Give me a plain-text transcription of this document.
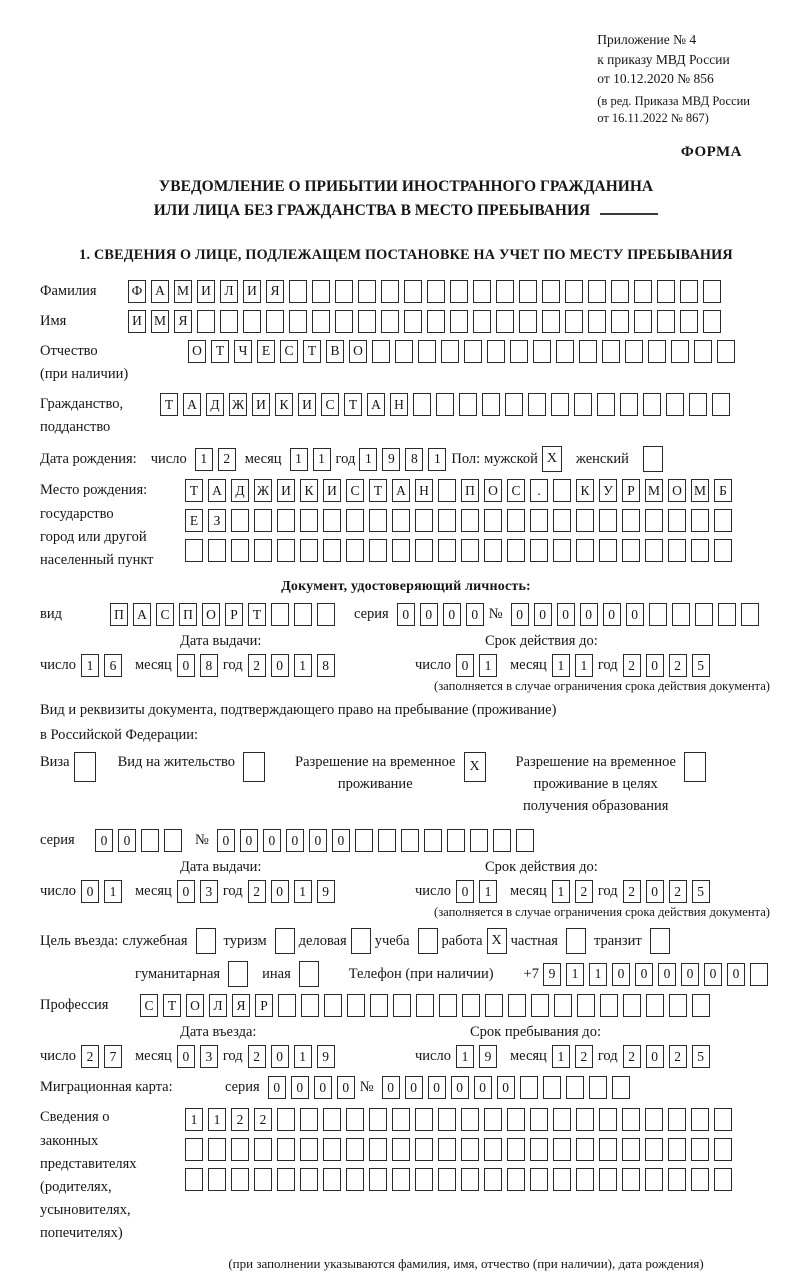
Приложение № 4
к приказу МВД России
от 10.12.2020 № 856
(в ред. Приказа МВД России
от 16.11.2022 № 867)
ФОРМА
УВЕДОМЛЕНИЕ О ПРИБЫТИИ ИНОСТРАННОГО ГРАЖДАНИНА
ИЛИ ЛИЦА БЕЗ ГРАЖДАНСТВА В МЕСТО ПРЕБЫВАНИЯ
1. СВЕДЕНИЯ О ЛИЦЕ, ПОДЛЕЖАЩЕМ ПОСТАНОВКЕ НА УЧЕТ ПО МЕСТУ ПРЕБЫВАНИЯ
Фамилия	Ф А М И	Л	И	Я
Имя	И М Я
Отчество
(при наличии)
О	Т	Ч	Е	С	Т	В	О
Гражданство,
подданство
Т	А	Д Ж И	К	И	С	Т	А Н
Дата рождения: число	1	2	месяц	1	1 год 1	9	8	1 Пол: мужской X	женский
Место рождения:
государство
город или другой
населенный пункт
Т	А	Д Ж И	К	И	С	Т	А Н	П О	С	.	К	У	Р М О М Б
Е	З
Документ, удостоверяющий личность:
вид	П А	С	П О	Р	Т	серия	0	0	0	0 №	0	0	0	0	0	0
Дата выдачи:
число 1	6	месяц 0	8 год 2	0	1	8
Срок действия до:
число 0	1	месяц 1	1 год 2	0	2	5
(заполняется в случае ограничения срока действия документа)
Вид и реквизиты документа, подтверждающего право на пребывание (проживание)
в Российской Федерации:
Виза	Вид на жительство	Разрешение на временное
проживание
X	Разрешение на временное
проживание в целях
получения образования
серия	0	0	№	0	0	0	0	0	0
Дата выдачи:
число 0	1	месяц 0	3 год 2	0	1	9
Срок действия до:
число 0	1	месяц 1	2 год 2	0	2	5
(заполняется в случае ограничения срока действия документа)
Цель въезда: служебная туризм деловая учеба работа X частная транзит
гуманитарная	иная	Телефон (при наличии) +7 9	1	1	0	0	0	0	0	0
Профессия	С	Т	О	Л	Я	Р
Дата въезда:
число 2	7	месяц 0	3 год 2	0	1	9
Срок пребывания до:
число 1	9	месяц 1	2 год 2	0	2	5
Миграционная карта:	серия	0	0	0	0 №	0	0	0	0	0	0
Сведения о
законных
представителях
(родителях,
усыновителях,
попечителях)
1	1	2	2
(при заполнении указываются фамилия, имя, отчество (при наличии), дата рождения)
